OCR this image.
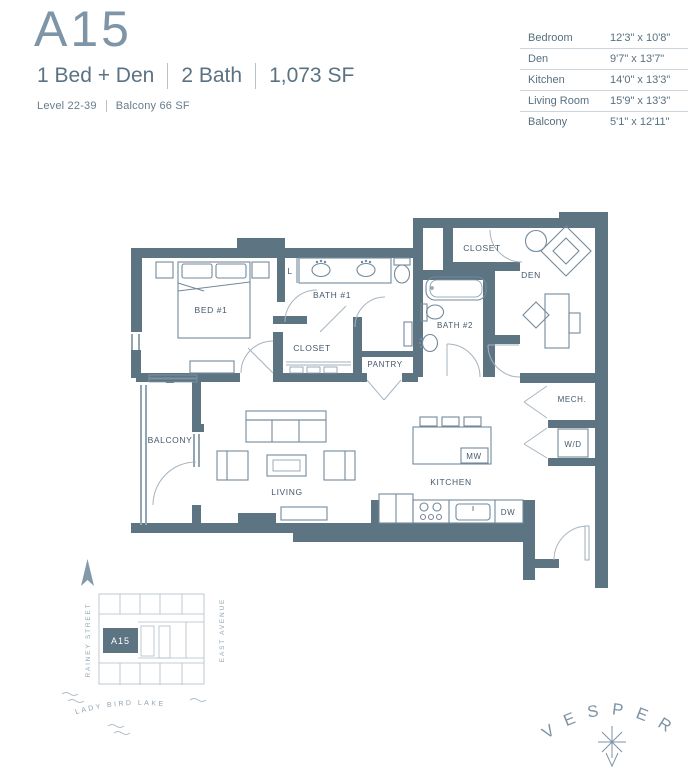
A15
1 Bed + Den 2 Bath 1,073 SF
Level 22-39 Balcony 66 SF
Bedroom	12'3" x 10'8"
Den	9'7" x 13'7"
Kitchen	14'0" x 13'3"
Living Room	15'9" x 13'3"
Balcony	5'1" x 12'11"
BED #1
BATH #1
L
CLOSET
PANTRY
BATH #2
CLOSET
DEN
MECH.
W/D
MW
DW
KITCHEN
LIVING
BALCONY
A15
RAINEY STREET	EAST AVENUE
LADY BIRD LAKE
VESPER
